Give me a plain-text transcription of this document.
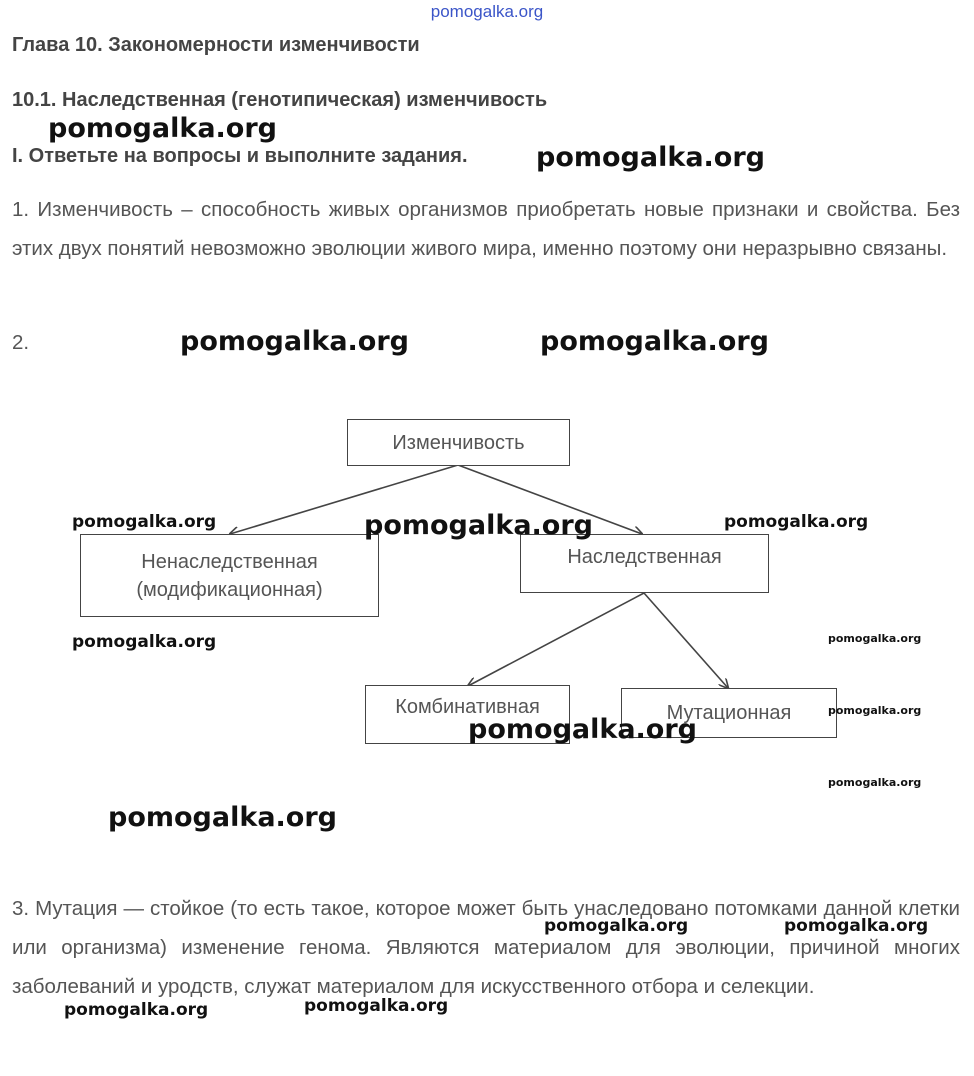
pomogalka.org
Глава 10. Закономерности изменчивости
10.1. Наследственная (генотипическая) изменчивость
I. Ответьте на вопросы и выполните задания.
1. Изменчивость – способность живых организмов приобретать новые признаки и свойства. Без этих двух понятий невозможно эволюции живого мира, именно поэтому они неразрывно связаны.
2.
Изменчивость
Ненаследственная
(модификационная)
Наследственная
Комбинативная	Мутационная
3. Мутация — стойкое (то есть такое, которое может быть унаследовано потомками данной клетки или организма) изменение генома. Являются материалом для эволюции, причиной многих заболеваний и уродств, служат материалом для искусственного отбора и селекции.
pomogalka.org
pomogalka.org
pomogalka.org	pomogalka.org
pomogalka.org	pomogalka.org	pomogalka.org
pomogalka.org	pomogalka.org
pomogalka.org
pomogalka.org
pomogalka.org
pomogalka.org
pomogalka.org	pomogalka.org
pomogalka.org	pomogalka.org
